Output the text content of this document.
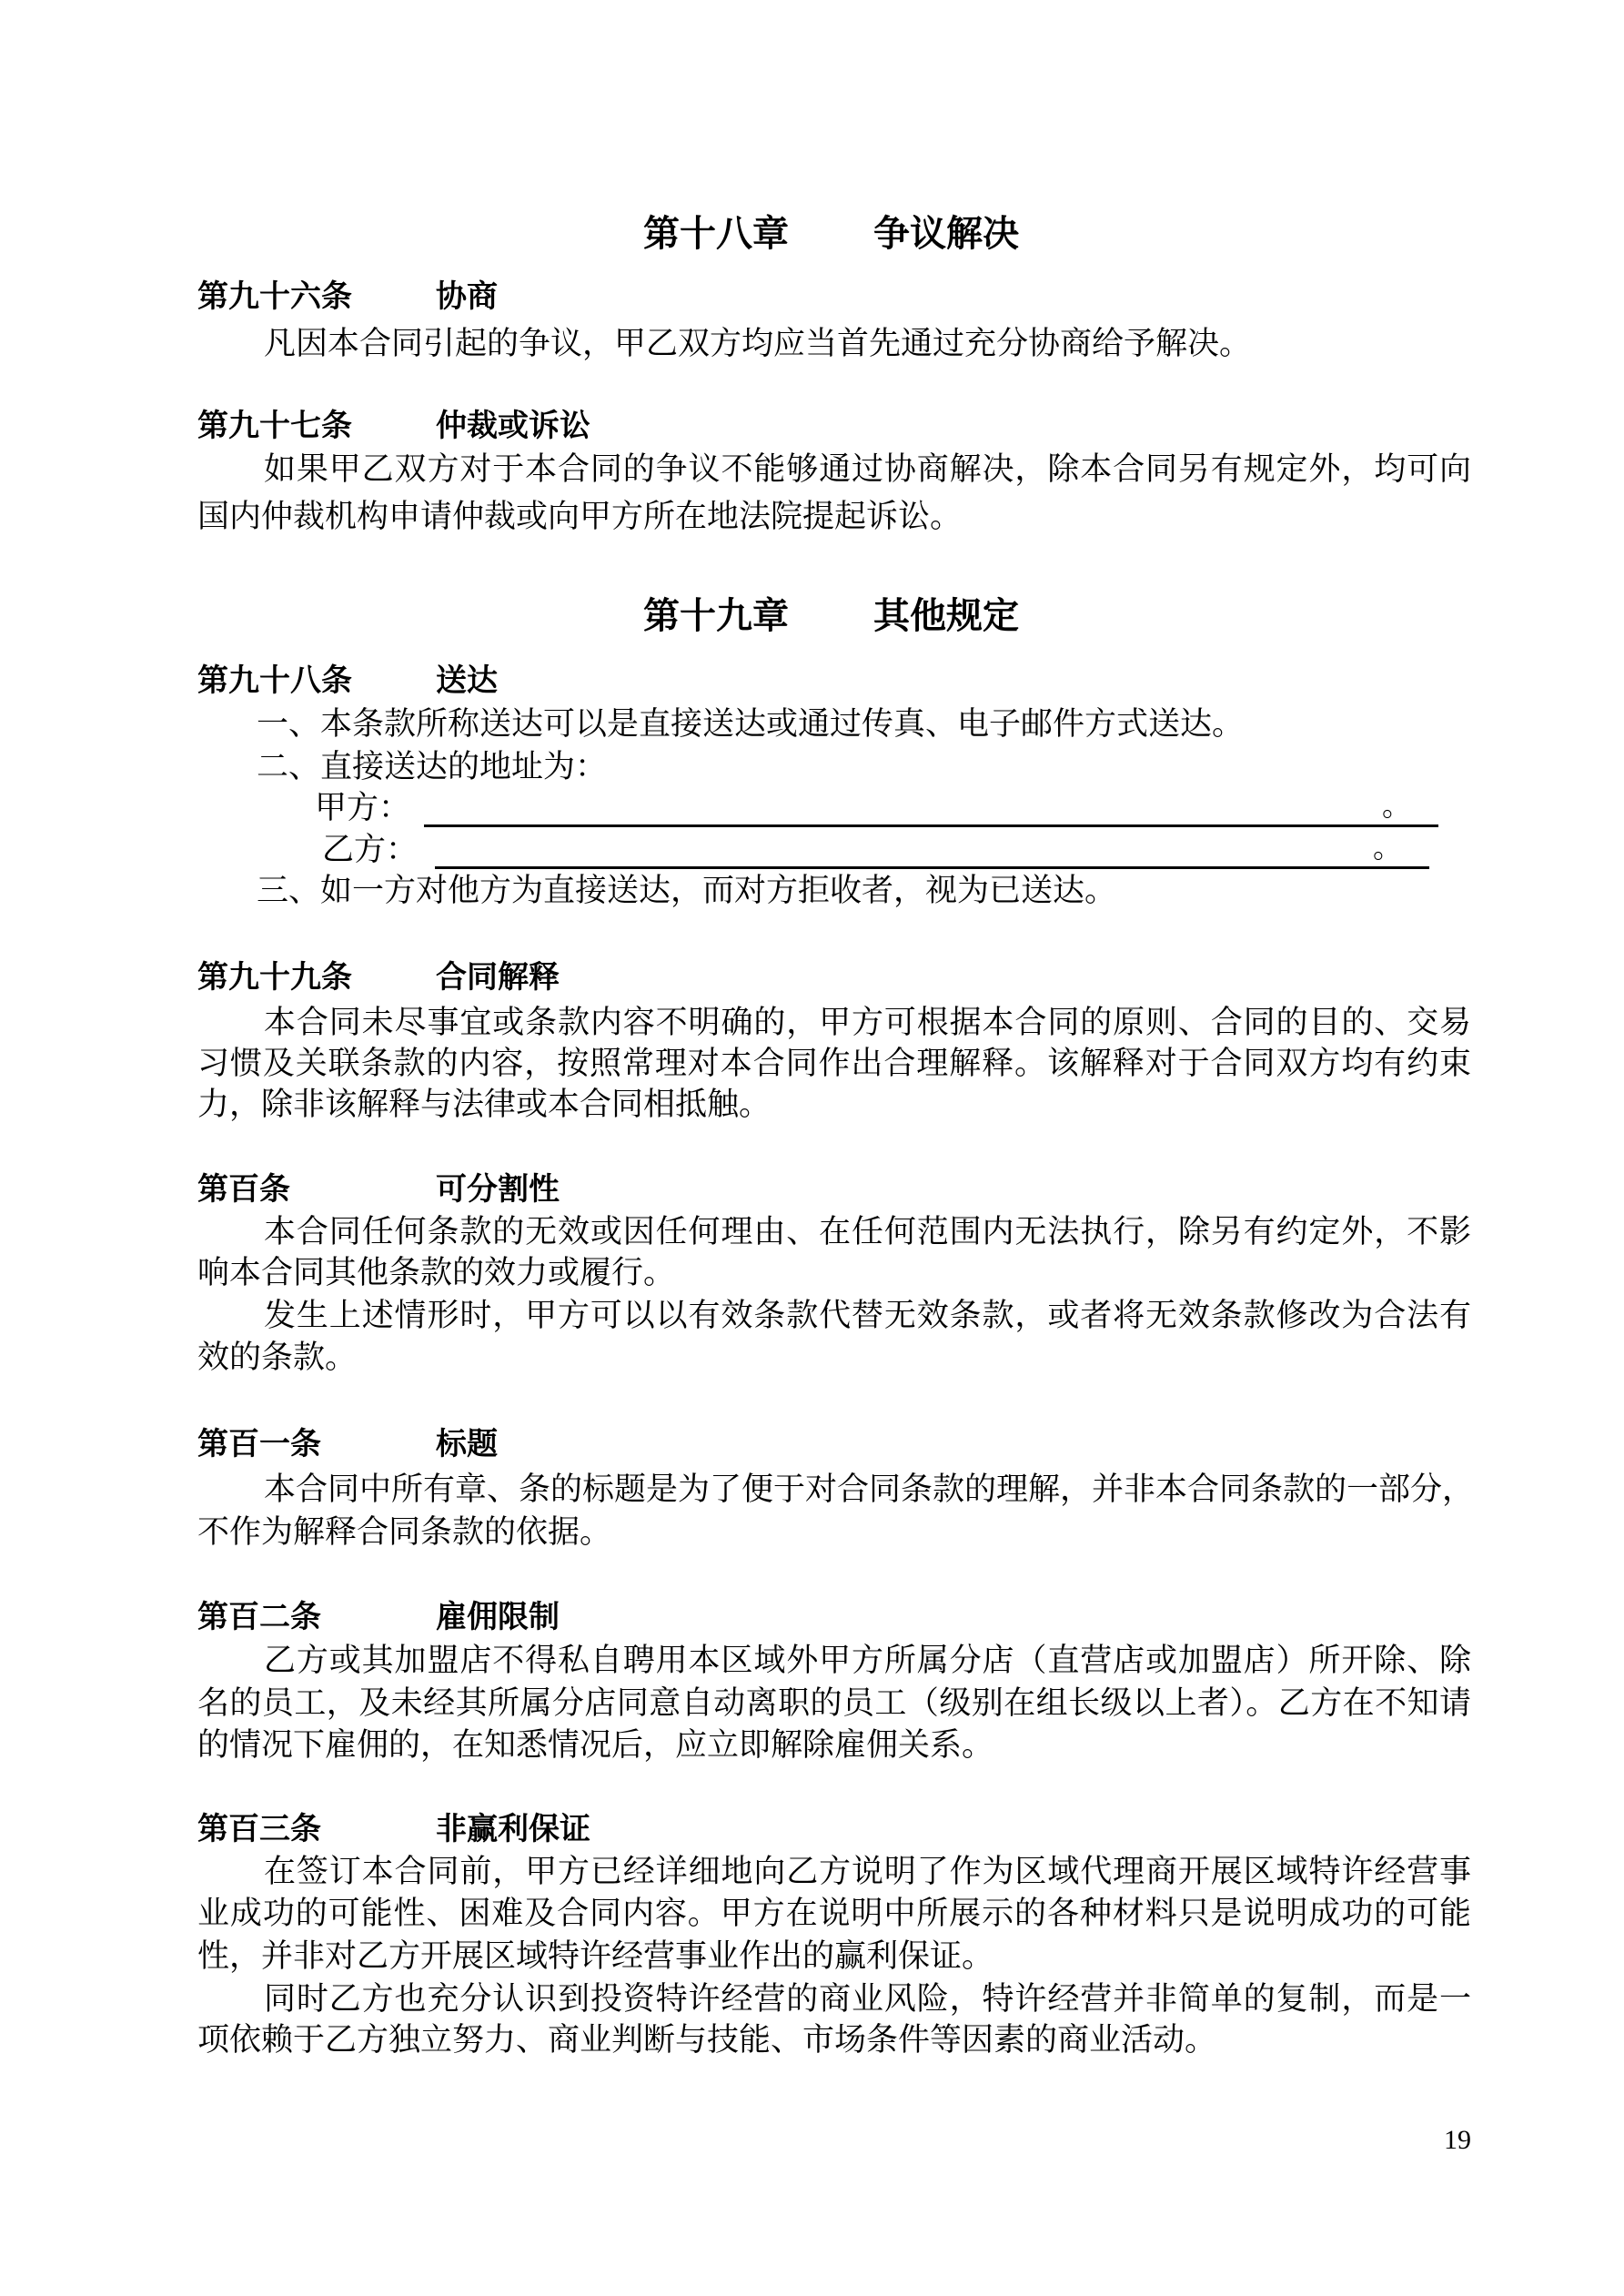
第十八章 争议解决
第九十六条	协商
凡因本合同引起的争议，甲乙双方均应当首先通过充分协商给予解决。
第九十七条	仲裁或诉讼
如果甲乙双方对于本合同的争议不能够通过协商解决，除本合同另有规定外，均可向
国内仲裁机构申请仲裁或向甲方所在地法院提起诉讼。
第十九章 其他规定
第九十八条	送达
一、本条款所称送达可以是直接送达或通过传真、电子邮件方式送达。
二、直接送达的地址为：
甲方：	。
乙方：	。
三、如一方对他方为直接送达，而对方拒收者，视为已送达。
第九十九条	合同解释
本合同未尽事宜或条款内容不明确的，甲方可根据本合同的原则、合同的目的、交易
习惯及关联条款的内容，按照常理对本合同作出合理解释。该解释对于合同双方均有约束
力，除非该解释与法律或本合同相抵触。
第百条	可分割性
本合同任何条款的无效或因任何理由、在任何范围内无法执行，除另有约定外，不影
响本合同其他条款的效力或履行。
发生上述情形时，甲方可以以有效条款代替无效条款，或者将无效条款修改为合法有
效的条款。
第百一条	标题
本合同中所有章、条的标题是为了便于对合同条款的理解，并非本合同条款的一部分，
不作为解释合同条款的依据。
第百二条	雇佣限制
乙方或其加盟店不得私自聘用本区域外甲方所属分店（直营店或加盟店）所开除、除
名的员工，及未经其所属分店同意自动离职的员工（级别在组长级以上者）。乙方在不知请
的情况下雇佣的，在知悉情况后，应立即解除雇佣关系。
第百三条	非赢利保证
在签订本合同前，甲方已经详细地向乙方说明了作为区域代理商开展区域特许经营事
业成功的可能性、困难及合同内容。甲方在说明中所展示的各种材料只是说明成功的可能
性，并非对乙方开展区域特许经营事业作出的赢利保证。
同时乙方也充分认识到投资特许经营的商业风险，特许经营并非简单的复制，而是一
项依赖于乙方独立努力、商业判断与技能、市场条件等因素的商业活动。
19
